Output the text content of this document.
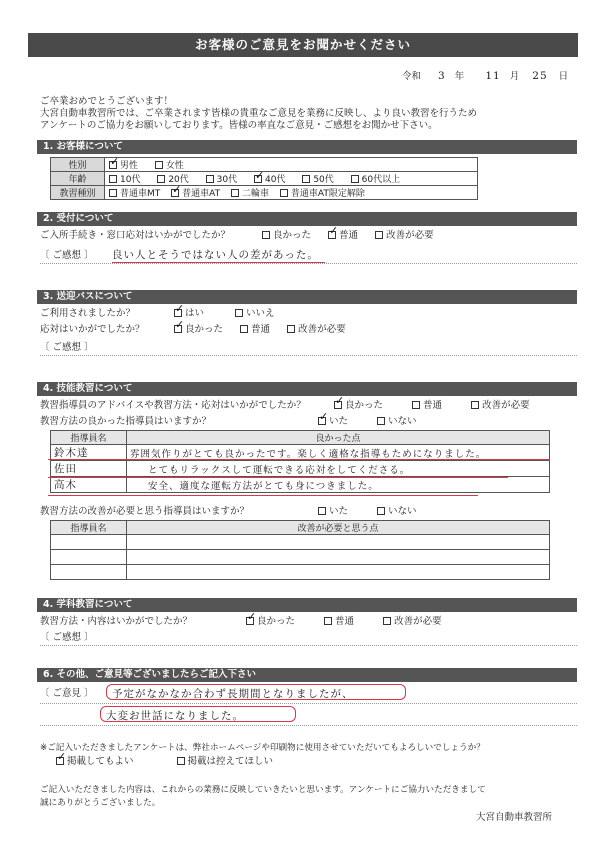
お客様のご意見をお聞かせください
令和 3 年 11 月 25 日
ご卒業おめでとうございます！
大宮自動車教習所では、ご卒業されます皆様の貴重なご意見を業務に反映し、より良い教習を行うため
アンケートのご協力をお願いしております。皆様の率直なご意見・ご感想をお聞かせ下さい。
1. お客様について
性別	✓男性 女性
年齢	10代 20代 30代 ✓ 40代 50代 60代以上
教習種別	普通車MT ✓ 普通車AT 二輪車 普通車AT限定解除
2. 受付について
ご入所手続き・窓口応対はいかがでしたか？	良かった ✓	普通	改善が必要
〔 ご感想 〕 良い人とそうではない人の差があった。
3. 送迎バスについて
ご利用されましたか？ ✓	はい	いいえ
応対はいかがでしたか？ ✓	良かった	普通	改善が必要
〔 ご感想 〕
4. 技能教習について
教習指導員のアドバイスや教習方法・応対はいかがでしたか？ ✓	良かった	普通	改善が必要
教習方法の良かった指導員はいますか？ ✓	いた	いない
指導員名	良かった点
鈴木達	雰囲気作りがとても良かったです。楽しく適格な指導もためになりました。
佐田	とてもリラックスして運転できる応対をしてくださる。
高木	安全、適度な運転方法がとても身につきました。
教習方法の改善が必要と思う指導員はいますか？	いた	いない
指導員名	改善が必要と思う点

4. 学科教習について
教習方法・内容はいかがでしたか？ ✓	良かった	普通	改善が必要
〔 ご感想 〕
6. その他、ご意見等ございましたらご記入下さい
〔 ご意見 〕 予定がなかなか合わず長期間となりましたが、
大変お世話になりました。
※ご記入いただきましたアンケートは、弊社ホームページや印刷物に使用させていただいてもよろしいでしょうか？
✓掲載してもよい	掲載は控えてほしい
ご記入いただきました内容は、これからの業務に反映していきたいと思います。アンケートにご協力いただきまして
誠にありがとうございました。
大宮自動車教習所
